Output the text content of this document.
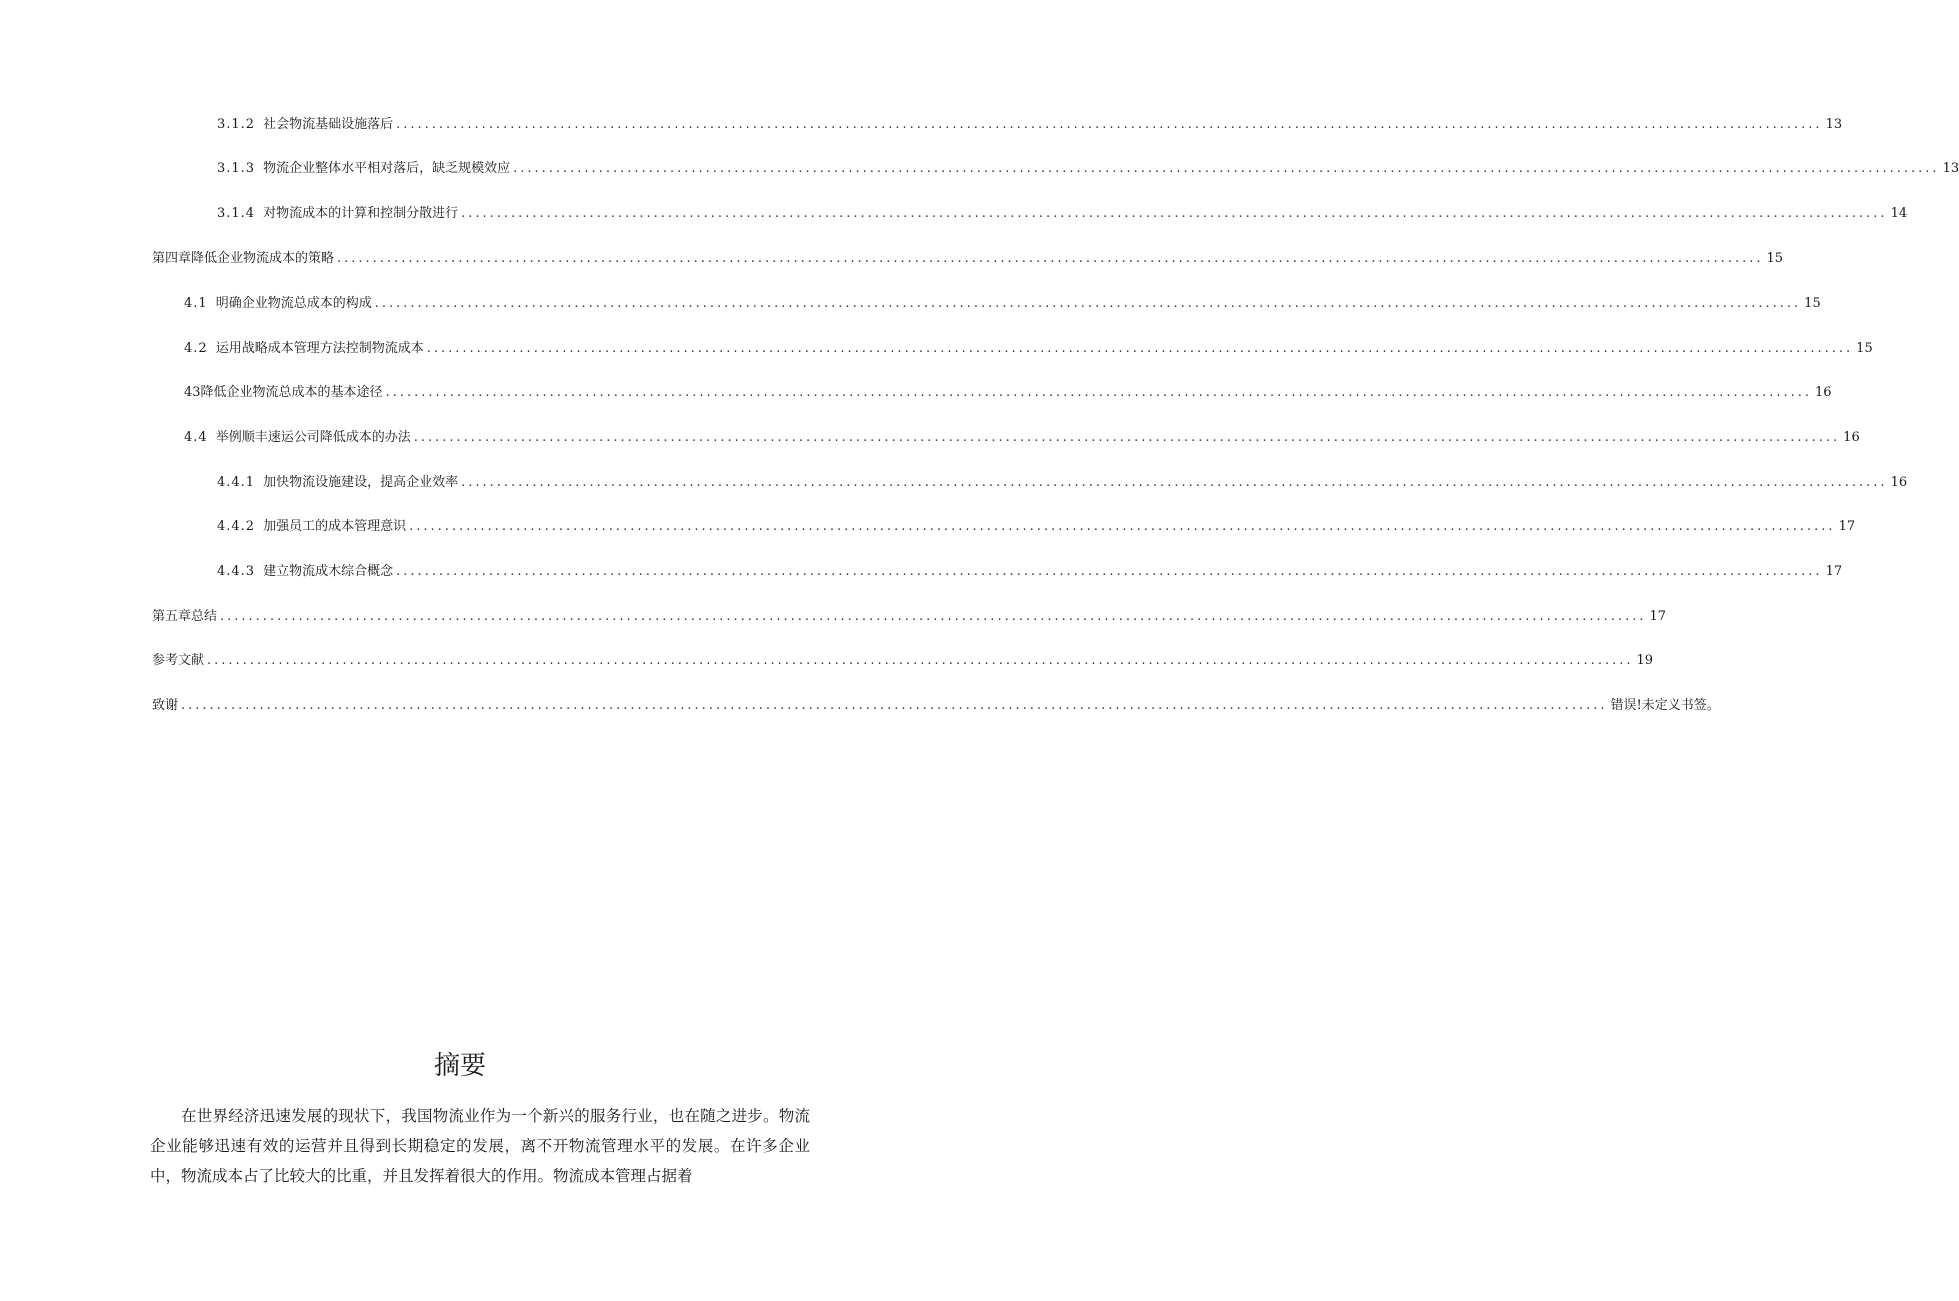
3.1.2 社会物流基础设施落后 ........................................................................................................................................................................................................ 13
3.1.3 物流企业整体水平相对落后，缺乏规模效应 ........................................................................................................................................................................................................ 13
3.1.4 对物流成本的计算和控制分散进行 ........................................................................................................................................................................................................ 14
第四章降低企业物流成本的策略 ........................................................................................................................................................................................................ 15
4.1 明确企业物流总成本的构成 ........................................................................................................................................................................................................ 15
4.2 运用战略成本管理方法控制物流成本 ........................................................................................................................................................................................................ 15
43降低企业物流总成本的基本途径 ........................................................................................................................................................................................................ 16
4.4 举例顺丰速运公司降低成本的办法 ........................................................................................................................................................................................................ 16
4.4.1 加快物流设施建设，提高企业效率 ........................................................................................................................................................................................................ 16
4.4.2 加强员工的成本管理意识 ........................................................................................................................................................................................................ 17
4.4.3 建立物流成木综合概念 ........................................................................................................................................................................................................ 17
第五章总结 ........................................................................................................................................................................................................ 17
参考文献 ........................................................................................................................................................................................................ 19
致谢 ........................................................................................................................................................................................................ 错误!未定义书签。
摘要

在世界经济迅速发展的现状下，我国物流业作为一个新兴的服务行业，也在随之进步。物流企业能够迅速有效的运营并且得到长期稳定的发展，离不开物流管理水平的发展。在许多企业中，物流成本占了比较大的比重，并且发挥着很大的作用。物流成本管理占据着
